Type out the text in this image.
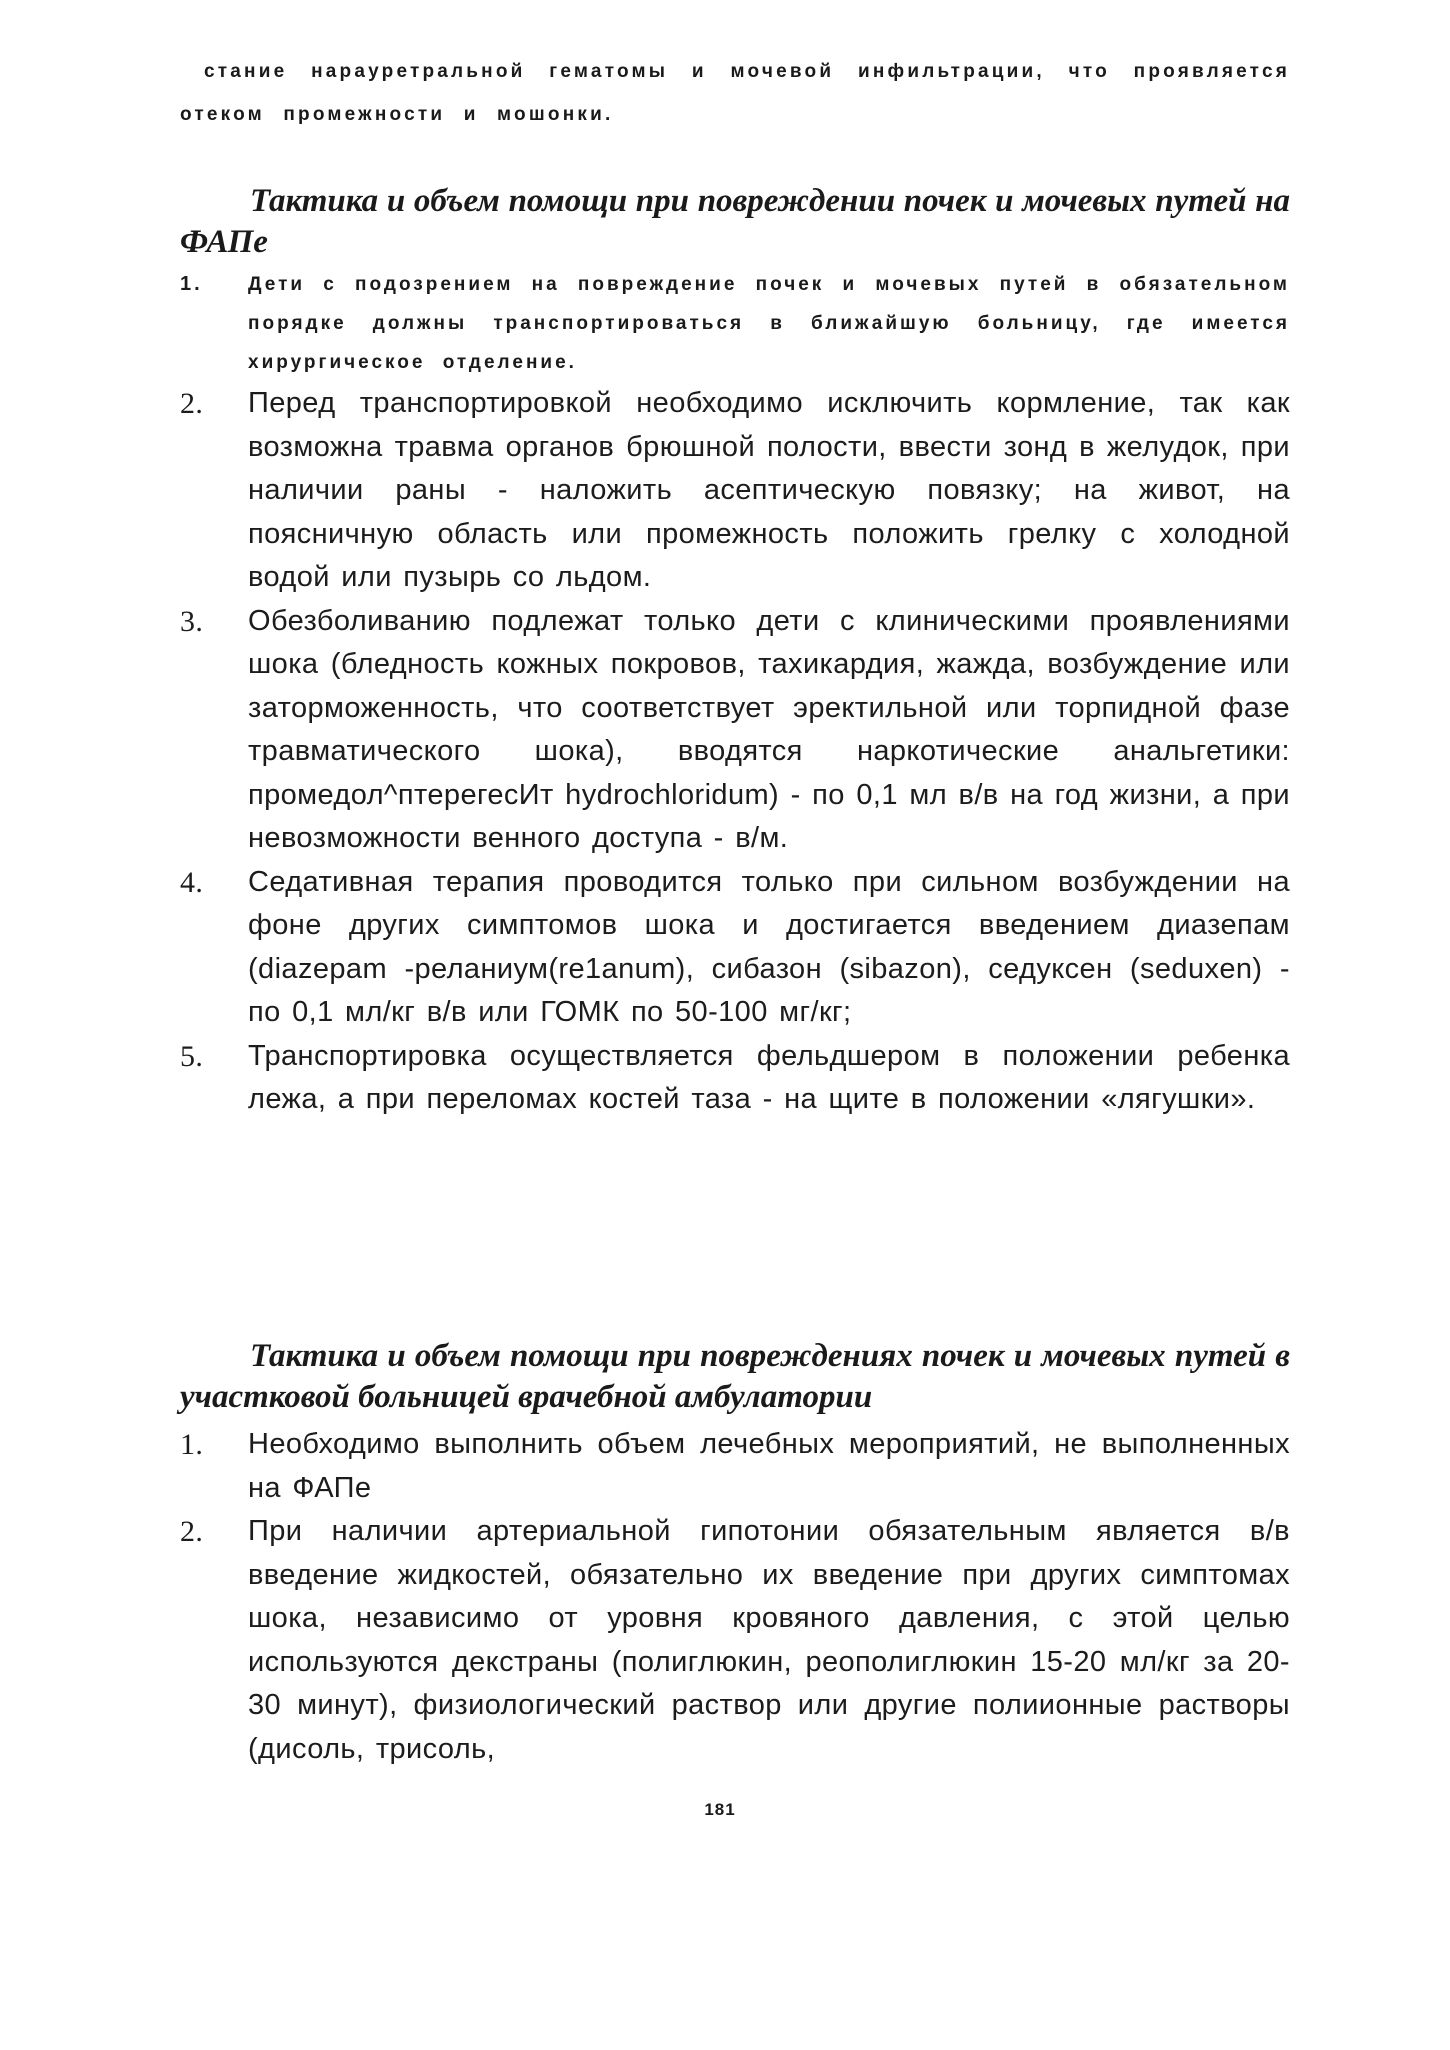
стание нарауретральной гематомы и мочевой инфильтрации, что проявляется отеком промежности и мошонки.

Тактика и объем помощи при повреждении почек и мочевых путей на ФАПе
1. Дети с подозрением на повреждение почек и мочевых путей в обязательном порядке должны транспортироваться в ближайшую больницу, где имеется хирургическое отделение.
2. Перед транспортировкой необходимо исключить кормление, так как возможна травма органов брюшной полости, ввести зонд в желудок, при наличии раны - наложить асептическую повязку; на живот, на поясничную область или промежность положить грелку с холодной водой или пузырь со льдом.
3. Обезболиванию подлежат только дети с клиническими проявлениями шока (бледность кожных покровов, тахикардия, жажда, возбуждение или заторможенность, что соответствует эректильной или торпидной фазе травматического шока), вводятся наркотические анальгетики: промедол^птерегесИт hydrochloridum) - по 0,1 мл в/в на год жизни, а при невозможности венного доступа - в/м.
4. Седативная терапия проводится только при сильном возбуждении на фоне других симптомов шока и достигается введением диазепам (diazepam -реланиум(re1anum), сибазон (sibazon), седуксен (seduxen) - по 0,1 мл/кг в/в или ГОМК по 50-100 мг/кг;
5. Транспортировка осуществляется фельдшером в положении ребенка лежа, а при переломах костей таза - на щите в положении «лягушки».
Тактика и объем помощи при повреждениях почек и мочевых путей в участковой больницей врачебной амбулатории
1. Необходимо выполнить объем лечебных мероприятий, не выполненных на ФАПе
2. При наличии артериальной гипотонии обязательным является в/в введение жидкостей, обязательно их введение при других симптомах шока, независимо от уровня кровяного давления, с этой целью используются декстраны (полиглюкин, реополиглюкин 15-20 мл/кг за 20-30 минут), физиологический раствор или другие полиионные растворы (дисоль, трисоль,
181
